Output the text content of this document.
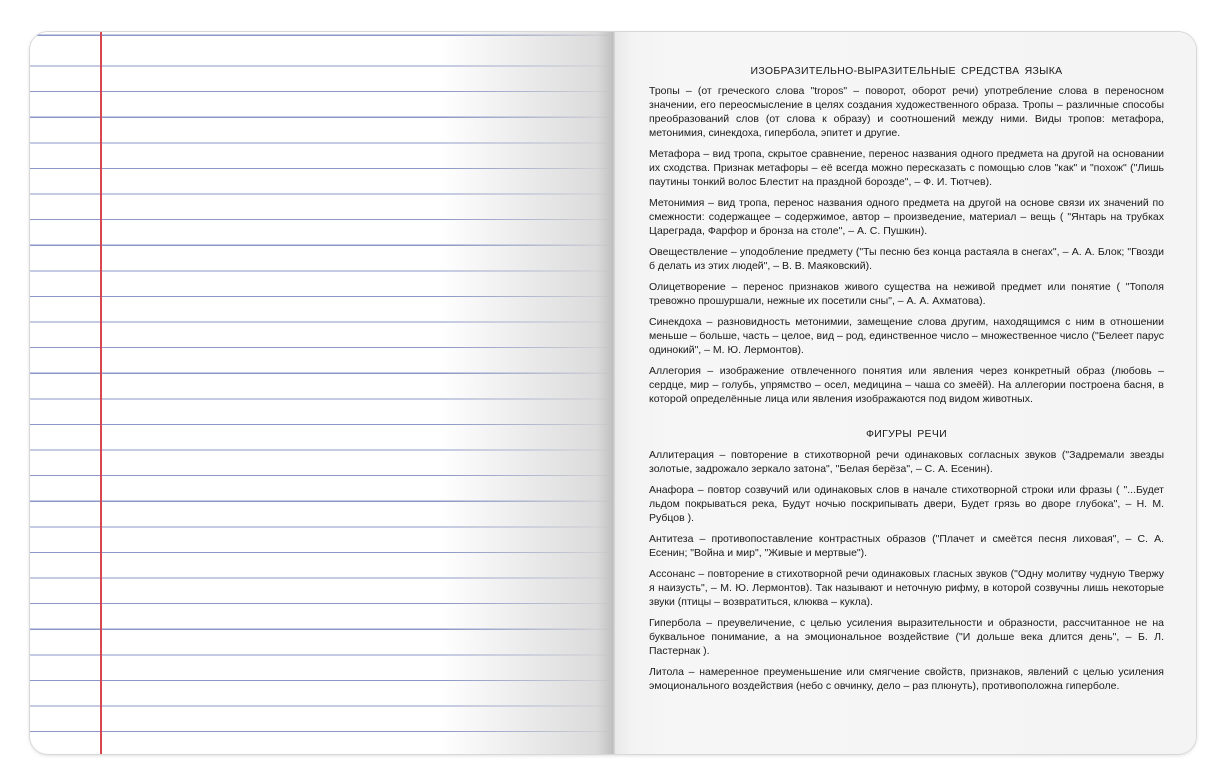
ИЗОБРАЗИТЕЛЬНО-ВЫРАЗИТЕЛЬНЫЕ СРЕДСТВА ЯЗЫКА

Тропы – (от греческого слова "tropos" – поворот, оборот речи) употребление слова в переносном значении, его переосмысление в целях создания художественного образа. Тропы – различные способы преобразований слов (от слова к образу) и соотношений между ними. Виды тропов: метафора, метонимия, синекдоха, гипербола, эпитет и другие.

Метафора – вид тропа, скрытое сравнение, перенос названия одного предмета на другой на основании их сходства. Признак метафоры – её всегда можно пересказать с помощью слов "как" и "похож" ("Лишь паутины тонкий волос Блестит на праздной борозде", – Ф. И. Тютчев).

Метонимия – вид тропа, перенос названия одного предмета на другой на основе связи их значений по смежности: содержащее – содержимое, автор – произведение, материал – вещь ( "Янтарь на трубках Цареграда, Фарфор и бронза на столе", – А. С. Пушкин).

Овеществление – уподобление предмету ("Ты песню без конца растаяла в снегах", – А. А. Блок; "Гвозди б делать из этих людей", – В. В. Маяковский).

Олицетворение – перенос признаков живого существа на неживой предмет или понятие ( "Тополя тревожно прошуршали, нежные их посетили сны", – А. А. Ахматова).

Синекдоха – разновидность метонимии, замещение слова другим, находящимся с ним в отношении меньше – больше, часть – целое, вид – род, единственное число – множественное число ("Белеет парус одинокий", – М. Ю. Лермонтов).

Аллегория – изображение отвлеченного понятия или явления через конкретный образ (любовь – сердце, мир – голубь, упрямство – осел, медицина – чаша со змеёй). На аллегории построена басня, в которой определённые лица или явления изображаются под видом животных.

ФИГУРЫ РЕЧИ

Аллитерация – повторение в стихотворной речи одинаковых согласных звуков ("Задремали звезды золотые, задрожало зеркало затона", "Белая берёза", – С. А. Есенин).

Анафора – повтор созвучий или одинаковых слов в начале стихотворной строки или фразы ( "...Будет льдом покрываться река, Будут ночью поскрипывать двери, Будет грязь во дворе глубока", – Н. М. Рубцов ).

Антитеза – противопоставление контрастных образов ("Плачет и смеётся песня лиховая", – С. А. Есенин; "Война и мир", "Живые и мертвые").

Ассонанс – повторение в стихотворной речи одинаковых гласных звуков ("Одну молитву чудную Твержу я наизусть", – М. Ю. Лермонтов). Так называют и неточную рифму, в которой созвучны лишь некоторые звуки (птицы – возвратиться, клюква – кукла).

Гипербола – преувеличение, с целью усиления выразительности и образности, рассчитанное не на буквальное понимание, а на эмоциональное воздействие ("И дольше века длится день", – Б. Л. Пастернак ).

Литола – намеренное преуменьшение или смягчение свойств, признаков, явлений с целью усиления эмоционального воздействия (небо с овчинку, дело – раз плюнуть), противоположна гиперболе.
